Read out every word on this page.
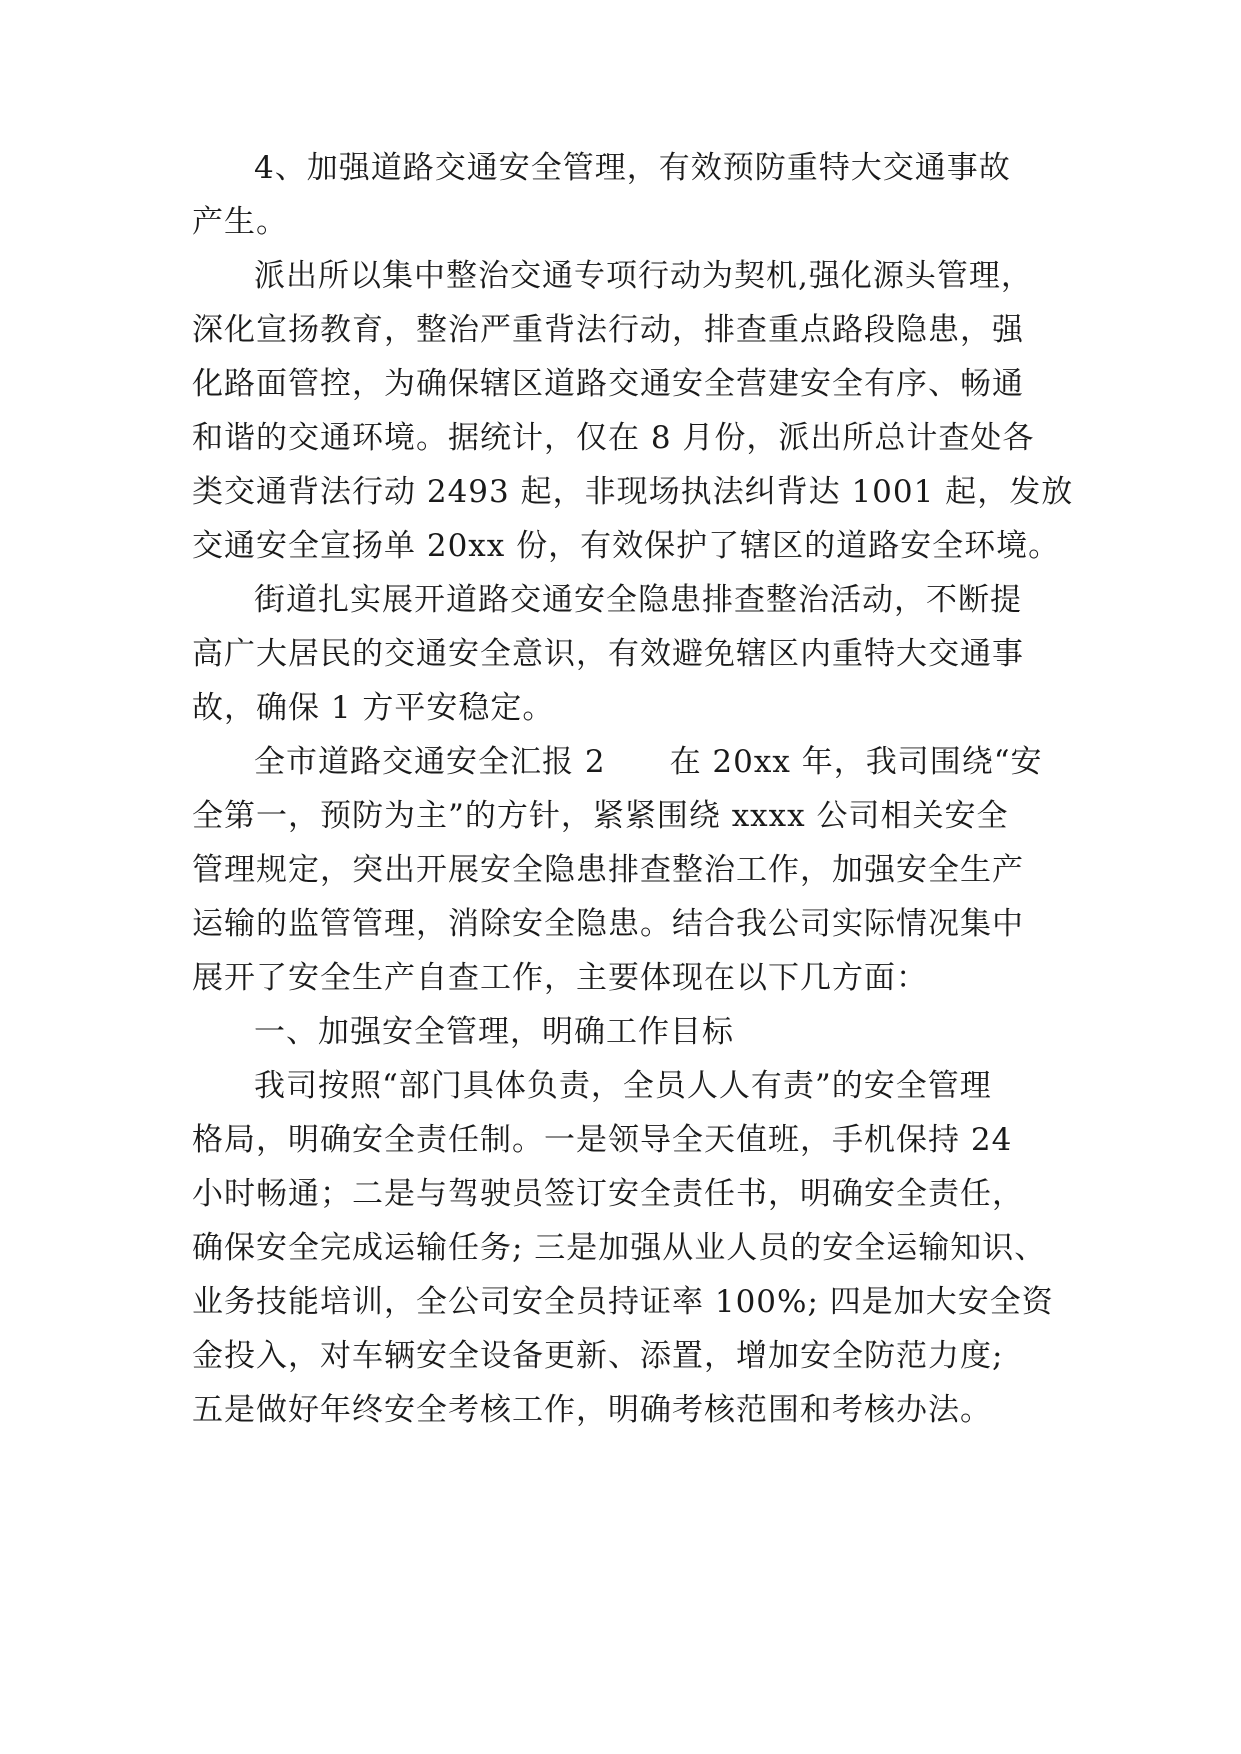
4、加强道路交通安全管理，有效预防重特大交通事故
产生。
派出所以集中整治交通专项行动为契机,强化源头管理，
深化宣扬教育，整治严重背法行动，排查重点路段隐患，强
化路面管控，为确保辖区道路交通安全营建安全有序、畅通
和谐的交通环境。据统计，仅在 8 月份，派出所总计查处各
类交通背法行动 2493 起，非现场执法纠背达 1001 起，发放
交通安全宣扬单 20xx 份，有效保护了辖区的道路安全环境。
街道扎实展开道路交通安全隐患排查整治活动，不断提
高广大居民的交通安全意识，有效避免辖区内重特大交通事
故，确保 1 方平安稳定。
全市道路交通安全汇报 2　　在 20xx 年，我司围绕“安
全第一，预防为主”的方针，紧紧围绕 xxxx 公司相关安全
管理规定，突出开展安全隐患排查整治工作，加强安全生产
运输的监管管理，消除安全隐患。结合我公司实际情况集中
展开了安全生产自查工作，主要体现在以下几方面：
一、加强安全管理，明确工作目标
我司按照“部门具体负责，全员人人有责”的安全管理
格局，明确安全责任制。一是领导全天值班，手机保持 24
小时畅通；二是与驾驶员签订安全责任书，明确安全责任，
确保安全完成运输任务; 三是加强从业人员的安全运输知识、
业务技能培训，全公司安全员持证率 100%; 四是加大安全资
金投入，对车辆安全设备更新、添置，增加安全防范力度;
五是做好年终安全考核工作，明确考核范围和考核办法。
